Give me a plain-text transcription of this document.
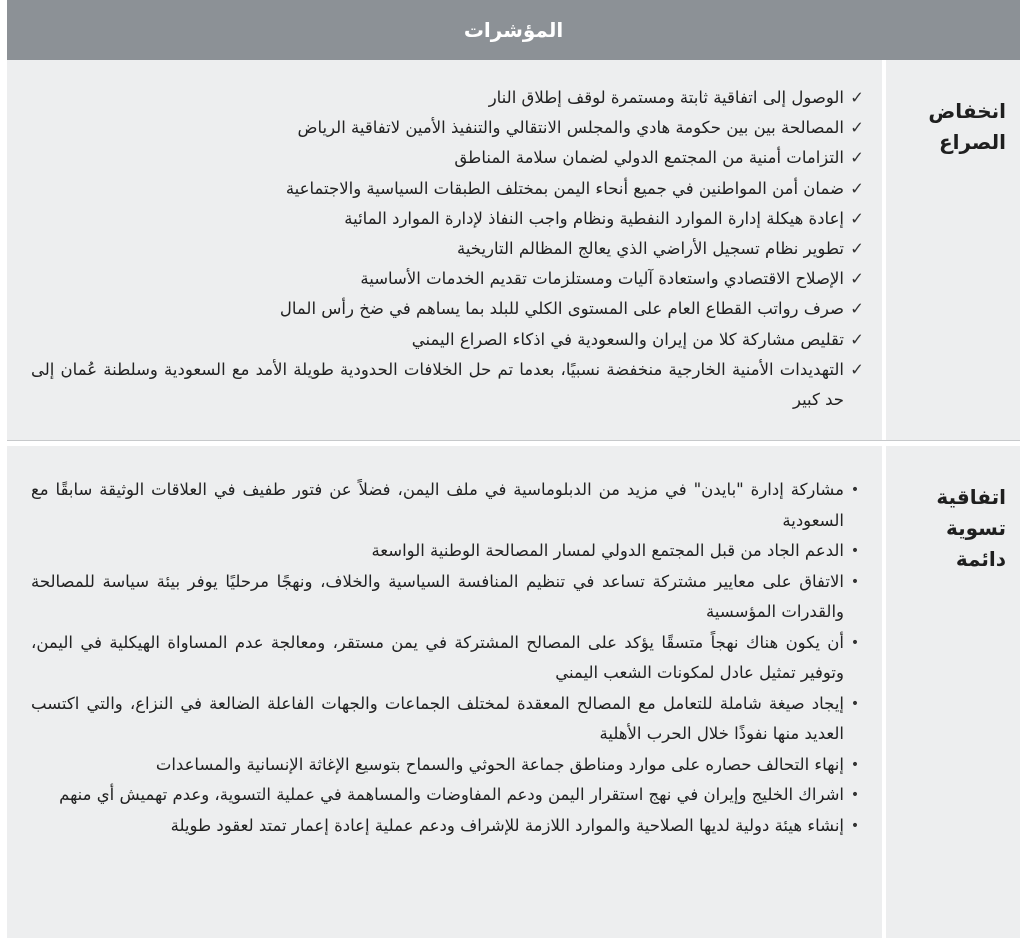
المؤشرات
انخفاض الصراع
✓
الوصول إلى اتفاقية ثابتة ومستمرة لوقف إطلاق النار
✓
المصالحة بين بين حكومة هادي والمجلس الانتقالي والتنفيذ الأمين لاتفاقية الرياض
✓
التزامات أمنية من المجتمع الدولي لضمان سلامة المناطق
✓
ضمان أمن المواطنين في جميع أنحاء اليمن بمختلف الطبقات السياسية والاجتماعية
✓
إعادة هيكلة إدارة الموارد النفطية ونظام واجب النفاذ لإدارة الموارد المائية
✓
تطوير نظام تسجيل الأراضي الذي يعالج المظالم التاريخية
✓
الإصلاح الاقتصادي واستعادة آليات ومستلزمات تقديم الخدمات الأساسية
✓
صرف رواتب القطاع العام على المستوى الكلي للبلد بما يساهم في ضخ رأس المال
✓
تقليص مشاركة كلا من إيران والسعودية في اذكاء الصراع اليمني
✓
التهديدات الأمنية الخارجية منخفضة نسبيًا، بعدما تم حل الخلافات الحدودية طويلة الأمد مع السعودية وسلطنة عُمان إلى حد كبير
اتفاقية تسوية دائمة
•
مشاركة إدارة "بايدن" في مزيد من الدبلوماسية في ملف اليمن، فضلاً عن فتور طفيف في العلاقات الوثيقة سابقًا مع السعودية
•
الدعم الجاد من قبل المجتمع الدولي لمسار المصالحة الوطنية الواسعة
•
الاتفاق على معايير مشتركة تساعد في تنظيم المنافسة السياسية والخلاف، ونهجًا مرحليًا يوفر بيئة سياسة للمصالحة والقدرات المؤسسية
•
أن يكون هناك نهجاً متسقًا يؤكد على المصالح المشتركة في يمن مستقر، ومعالجة عدم المساواة الهيكلية في اليمن، وتوفير تمثيل عادل لمكونات الشعب اليمني
•
إيجاد صيغة شاملة للتعامل مع المصالح المعقدة لمختلف الجماعات والجهات الفاعلة الضالعة في النزاع، والتي اكتسب العديد منها نفوذًا خلال الحرب الأهلية
•
إنهاء التحالف حصاره على موارد ومناطق جماعة الحوثي والسماح بتوسيع الإغاثة الإنسانية والمساعدات
•
اشراك الخليج وإيران في نهج استقرار اليمن ودعم المفاوضات والمساهمة في عملية التسوية، وعدم تهميش أي منهم
•
إنشاء هيئة دولية لديها الصلاحية والموارد اللازمة للإشراف ودعم عملية إعادة إعمار تمتد لعقود طويلة
